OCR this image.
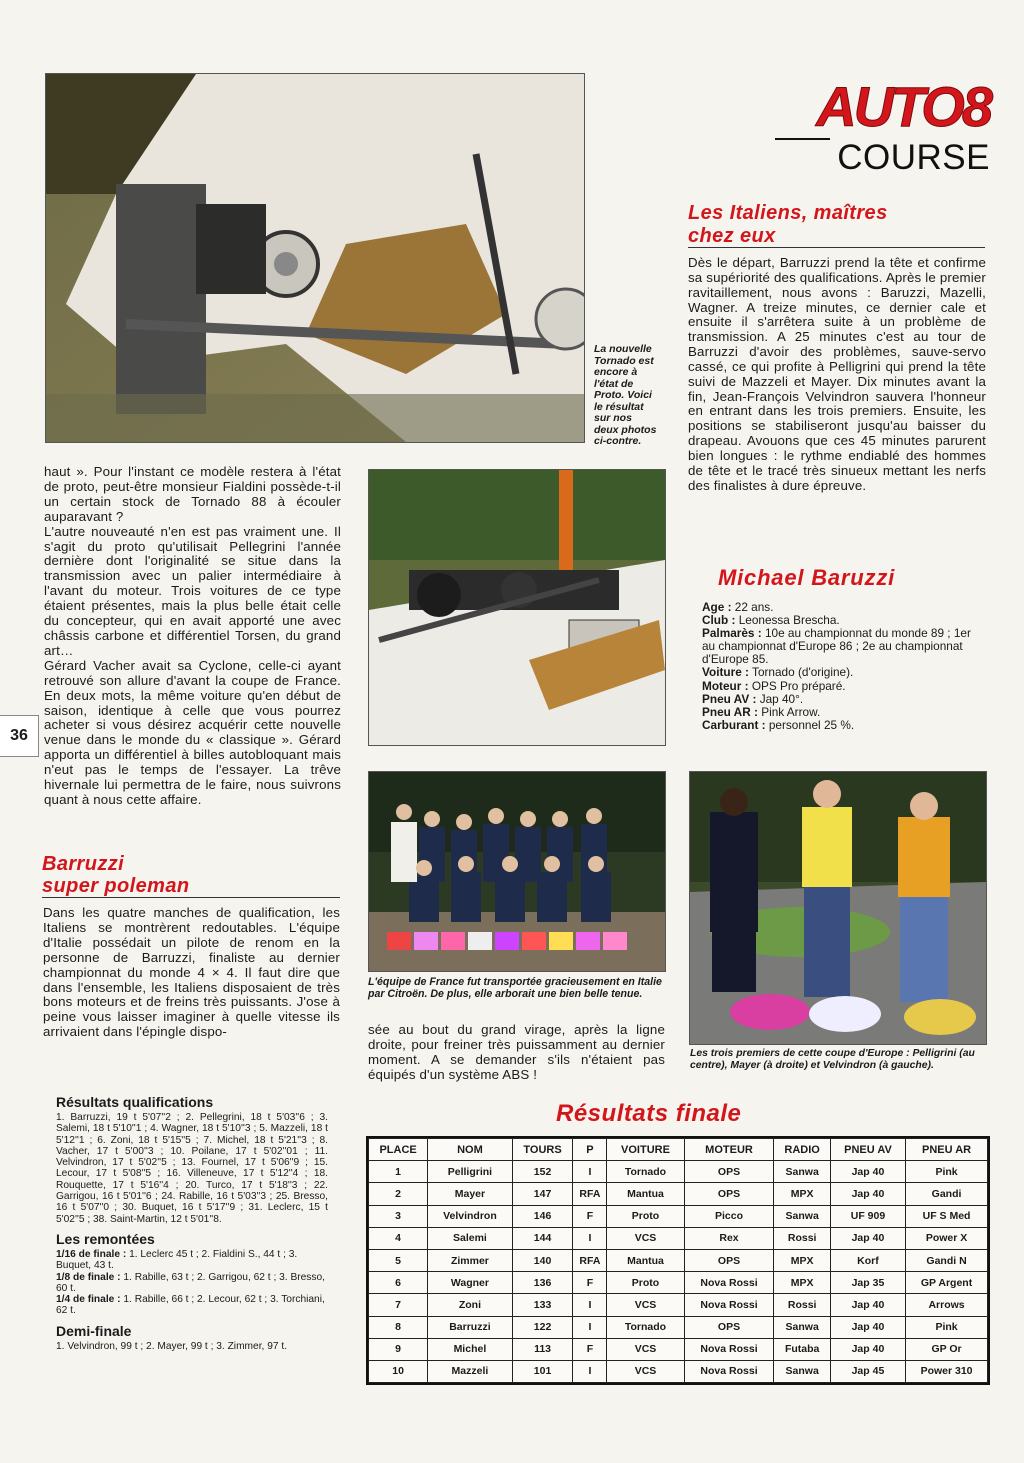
La nouvelle
Tornado est
encore à
l'état de
Proto. Voici
le résultat
sur nos
deux photos
ci-contre.
AUTO8
COURSE
Les Italiens, maîtres
chez eux
Dès le départ, Barruzzi prend la tête et confirme sa supériorité des qualifications. Après le premier ravitaillement, nous avons : Baruzzi, Mazelli, Wagner. A treize minutes, ce dernier cale et ensuite il s'arrêtera suite à un problème de transmission. A 25 minutes c'est au tour de Barruzzi d'avoir des problèmes, sauve-servo cassé, ce qui profite à Pelligrini qui prend la tête suivi de Mazzeli et Mayer. Dix minutes avant la fin, Jean-François Velvindron sauvera l'honneur en entrant dans les trois premiers. Ensuite, les positions se stabiliseront jusqu'au baisser du drapeau. Avouons que ces 45 minutes parurent bien longues : le rythme endiablé des hommes de tête et le tracé très sinueux mettant les nerfs des finalistes à dure épreuve.
haut ». Pour l'instant ce modèle restera à l'état de proto, peut-être monsieur Fialdini possède-t-il un certain stock de Tornado 88 à écouler auparavant ?
L'autre nouveauté n'en est pas vraiment une. Il s'agit du proto qu'utilisait Pellegrini l'année dernière dont l'originalité se situe dans la transmission avec un palier intermédiaire à l'avant du moteur. Trois voitures de ce type étaient présentes, mais la plus belle était celle du concepteur, qui en avait apporté une avec châssis carbone et différentiel Torsen, du grand art…
Gérard Vacher avait sa Cyclone, celle-ci ayant retrouvé son allure d'avant la coupe de France. En deux mots, la même voiture qu'en début de saison, identique à celle que vous pourrez acheter si vous désirez acquérir cette nouvelle venue dans le monde du « classique ». Gérard apporta un différentiel à billes autobloquant mais n'eut pas le temps de l'essayer. La trêve hivernale lui permettra de le faire, nous suivrons quant à nous cette affaire.
36
Michael Baruzzi
Age : 22 ans.
Club : Leonessa Brescha.
Palmarès : 10e au championnat du monde 89 ; 1er au championnat d'Europe 86 ; 2e au championnat d'Europe 85.
Voiture : Tornado (d'origine).
Moteur : OPS Pro préparé.
Pneu AV : Jap 40°.
Pneu AR : Pink Arrow.
Carburant : personnel 25 %.
L'équipe de France fut transportée gracieusement en Italie par Citroën. De plus, elle arborait une bien belle tenue.
Les trois premiers de cette coupe d'Europe : Pelligrini (au centre), Mayer (à droite) et Velvindron (à gauche).
Barruzzi
super poleman
Dans les quatre manches de qualification, les Italiens se montrèrent redoutables. L'équipe d'Italie possédait un pilote de renom en la personne de Barruzzi, finaliste au dernier championnat du monde 4 × 4. Il faut dire que dans l'ensemble, les Italiens disposaient de très bons moteurs et de freins très puissants. J'ose à peine vous laisser imaginer à quelle vitesse ils arrivaient dans l'épingle dispo-	sée au bout du grand virage, après la ligne droite, pour freiner très puissamment au dernier moment. A se demander s'ils n'étaient pas équipés d'un système ABS !
Résultats qualifications
1. Barruzzi, 19 t 5'07''2 ; 2. Pellegrini, 18 t 5'03''6 ; 3. Salemi, 18 t 5'10''1 ; 4. Wagner, 18 t 5'10''3 ; 5. Mazzeli, 18 t 5'12''1 ; 6. Zoni, 18 t 5'15''5 ; 7. Michel, 18 t 5'21''3 ; 8. Vacher, 17 t 5'00''3 ; 10. Poilane, 17 t 5'02''01 ; 11. Velvindron, 17 t 5'02''5 ; 13. Fournel, 17 t 5'06''9 ; 15. Lecour, 17 t 5'08''5 ; 16. Villeneuve, 17 t 5'12''4 ; 18. Rouquette, 17 t 5'16''4 ; 20. Turco, 17 t 5'18''3 ; 22. Garrigou, 16 t 5'01''6 ; 24. Rabille, 16 t 5'03''3 ; 25. Bresso, 16 t 5'07''0 ; 30. Buquet, 16 t 5'17''9 ; 31. Leclerc, 15 t 5'02''5 ; 38. Saint-Martin, 12 t 5'01''8.
Les remontées
1/16 de finale : 1. Leclerc 45 t ; 2. Fialdini S., 44 t ; 3. Buquet, 43 t.
1/8 de finale : 1. Rabille, 63 t ; 2. Garrigou, 62 t ; 3. Bresso, 60 t.
1/4 de finale : 1. Rabille, 66 t ; 2. Lecour, 62 t ; 3. Torchiani, 62 t.
Demi-finale
1. Velvindron, 99 t ; 2. Mayer, 99 t ; 3. Zimmer, 97 t.
Résultats finale
PLACE	NOM	TOURS	P	VOITURE	MOTEUR	RADIO	PNEU AV	PNEU AR
1	Pelligrini	152	I	Tornado	OPS	Sanwa	Jap 40	Pink
2	Mayer	147	RFA	Mantua	OPS	MPX	Jap 40	Gandi
3	Velvindron	146	F	Proto	Picco	Sanwa	UF 909	UF S Med
4	Salemi	144	I	VCS	Rex	Rossi	Jap 40	Power X
5	Zimmer	140	RFA	Mantua	OPS	MPX	Korf	Gandi N
6	Wagner	136	F	Proto	Nova Rossi	MPX	Jap 35	GP Argent
7	Zoni	133	I	VCS	Nova Rossi	Rossi	Jap 40	Arrows
8	Barruzzi	122	I	Tornado	OPS	Sanwa	Jap 40	Pink
9	Michel	113	F	VCS	Nova Rossi	Futaba	Jap 40	GP Or
10	Mazzeli	101	I	VCS	Nova Rossi	Sanwa	Jap 45	Power 310
